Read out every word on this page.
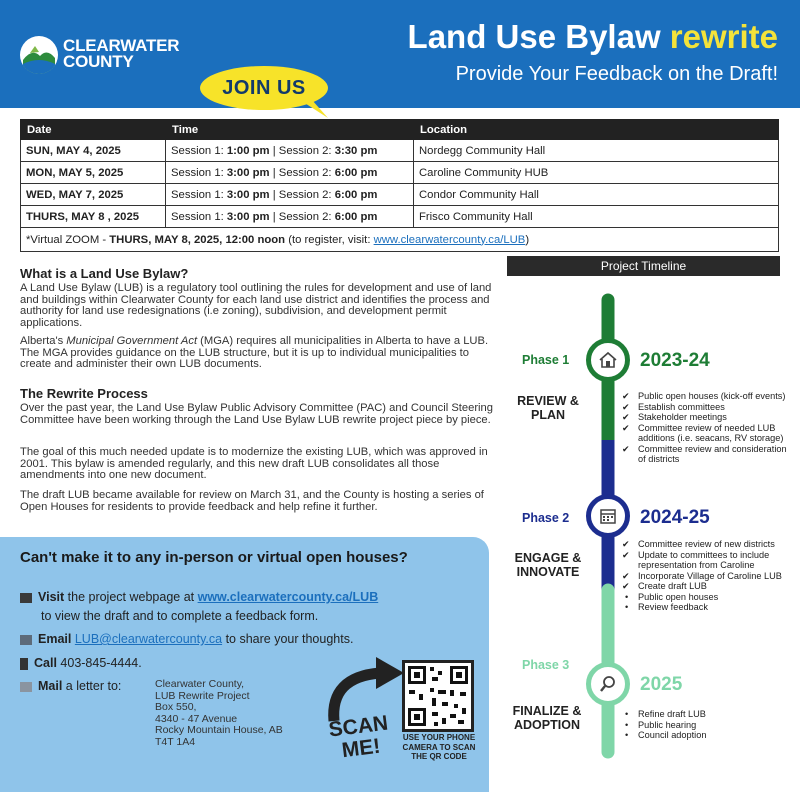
CLEARWATER
COUNTY
Land Use Bylaw rewrite
Provide Your Feedback on the Draft!
JOIN US
Date	Time	Location
SUN, MAY 4, 2025	Session 1: 1:00 pm | Session 2: 3:30 pm	Nordegg Community Hall
MON, MAY 5, 2025	Session 1: 3:00 pm | Session 2: 6:00 pm	Caroline Community HUB
WED, MAY 7, 2025	Session 1: 3:00 pm | Session 2: 6:00 pm	Condor Community Hall
THURS, MAY 8 , 2025	Session 1: 3:00 pm | Session 2: 6:00 pm	Frisco Community Hall
*Virtual ZOOM - THURS, MAY 8, 2025, 12:00 noon (to register, visit: www.clearwatercounty.ca/LUB)		
What is a Land Use Bylaw?
A Land Use Bylaw (LUB) is a regulatory tool outlining the rules for development and use of land and buildings within Clearwater County for each land use district and identifies the process and authority for land use redesignations (i.e zoning), subdivision, and development permit applications.
Alberta's Municipal Government Act (MGA) requires all municipalities in Alberta to have a LUB. The MGA provides guidance on the LUB structure, but it is up to individual municipalities to create and administer their own LUB documents.
The Rewrite Process
Over the past year, the Land Use Bylaw Public Advisory Committee (PAC) and Council Steering Committee have been working through the Land Use Bylaw LUB rewrite project piece by piece.
The goal of this much needed update is to modernize the existing LUB, which was approved in 2001. This bylaw is amended regularly, and this new draft LUB consolidates all those amendments into one new document.
The draft LUB became available for review on March 31, and the County is hosting a series of Open Houses for residents to provide feedback and help refine it further.
Can't make it to any in-person or virtual open houses?
Visit the project webpage at www.clearwatercounty.ca/LUB
to view the draft and to complete a feedback form.
Email LUB@clearwatercounty.ca to share your thoughts.
Call 403-845-4444.
Mail a letter to:	Clearwater County,
LUB Rewrite Project
Box 550,
4340 - 47 Avenue
Rocky Mountain House, AB
T4T 1A4	SCAN
ME!	USE YOUR PHONE CAMERA TO SCAN THE QR CODE
Project Timeline
Phase 1	2023-24
REVIEW &
PLAN
✔ Public open houses (kick-off events)
✔ Establish committees
✔ Stakeholder meetings
✔ Committee review of needed LUB additions (i.e. seacans, RV storage)
✔ Committee review and consideration of districts
Phase 2	2024-25
ENGAGE &
INNOVATE
✔ Committee review of new districts
✔ Update to committees to include representation from Caroline
✔ Incorporate Village of Caroline LUB
✔ Create draft LUB
• Public open houses
• Review feedback
Phase 3
2025
FINALIZE &
ADOPTION
• Refine draft LUB
• Public hearing
• Council adoption
